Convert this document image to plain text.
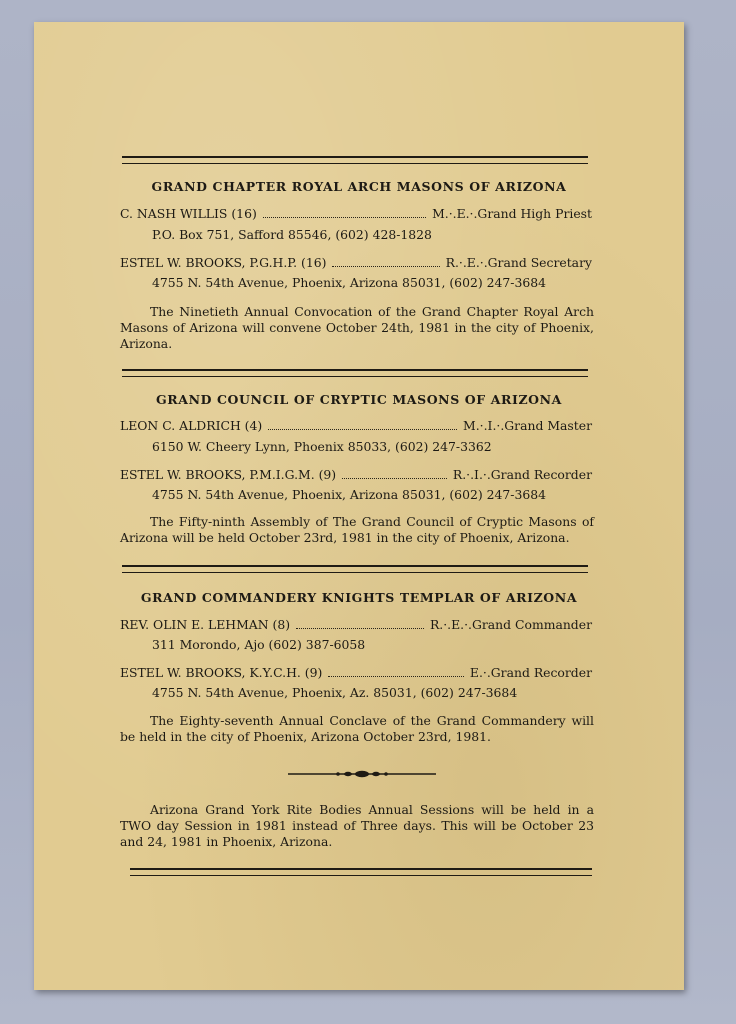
GRAND CHAPTER ROYAL ARCH MASONS OF ARIZONA
C. NASH WILLIS (16)	M.·.E.·.Grand High Priest
P.O. Box 751, Safford 85546, (602) 428-1828
ESTEL W. BROOKS, P.G.H.P. (16)	R.·.E.·.Grand Secretary
4755 N. 54th Avenue, Phoenix, Arizona 85031, (602) 247-3684
The Ninetieth Annual Convocation of the Grand Chapter Royal Arch Masons of Arizona will convene October 24th, 1981 in the city of Phoenix, Arizona.
GRAND COUNCIL OF CRYPTIC MASONS OF ARIZONA
LEON C. ALDRICH (4)	M.·.I.·.Grand Master
6150 W. Cheery Lynn, Phoenix 85033, (602) 247-3362
ESTEL W. BROOKS, P.M.I.G.M. (9)	R.·.I.·.Grand Recorder
4755 N. 54th Avenue, Phoenix, Arizona 85031, (602) 247-3684
The Fifty-ninth Assembly of The Grand Council of Cryptic Masons of Arizona will be held October 23rd, 1981 in the city of Phoenix, Arizona.
GRAND COMMANDERY KNIGHTS TEMPLAR OF ARIZONA
REV. OLIN E. LEHMAN (8)	R.·.E.·.Grand Commander
311 Morondo, Ajo (602) 387-6058
ESTEL W. BROOKS, K.Y.C.H. (9)	E.·.Grand Recorder
4755 N. 54th Avenue, Phoenix, Az. 85031, (602) 247-3684
The Eighty-seventh Annual Conclave of the Grand Commandery will be held in the city of Phoenix, Arizona October 23rd, 1981.
Arizona Grand York Rite Bodies Annual Sessions will be held in a TWO day Session in 1981 instead of Three days. This will be October 23 and 24, 1981 in Phoenix, Arizona.
